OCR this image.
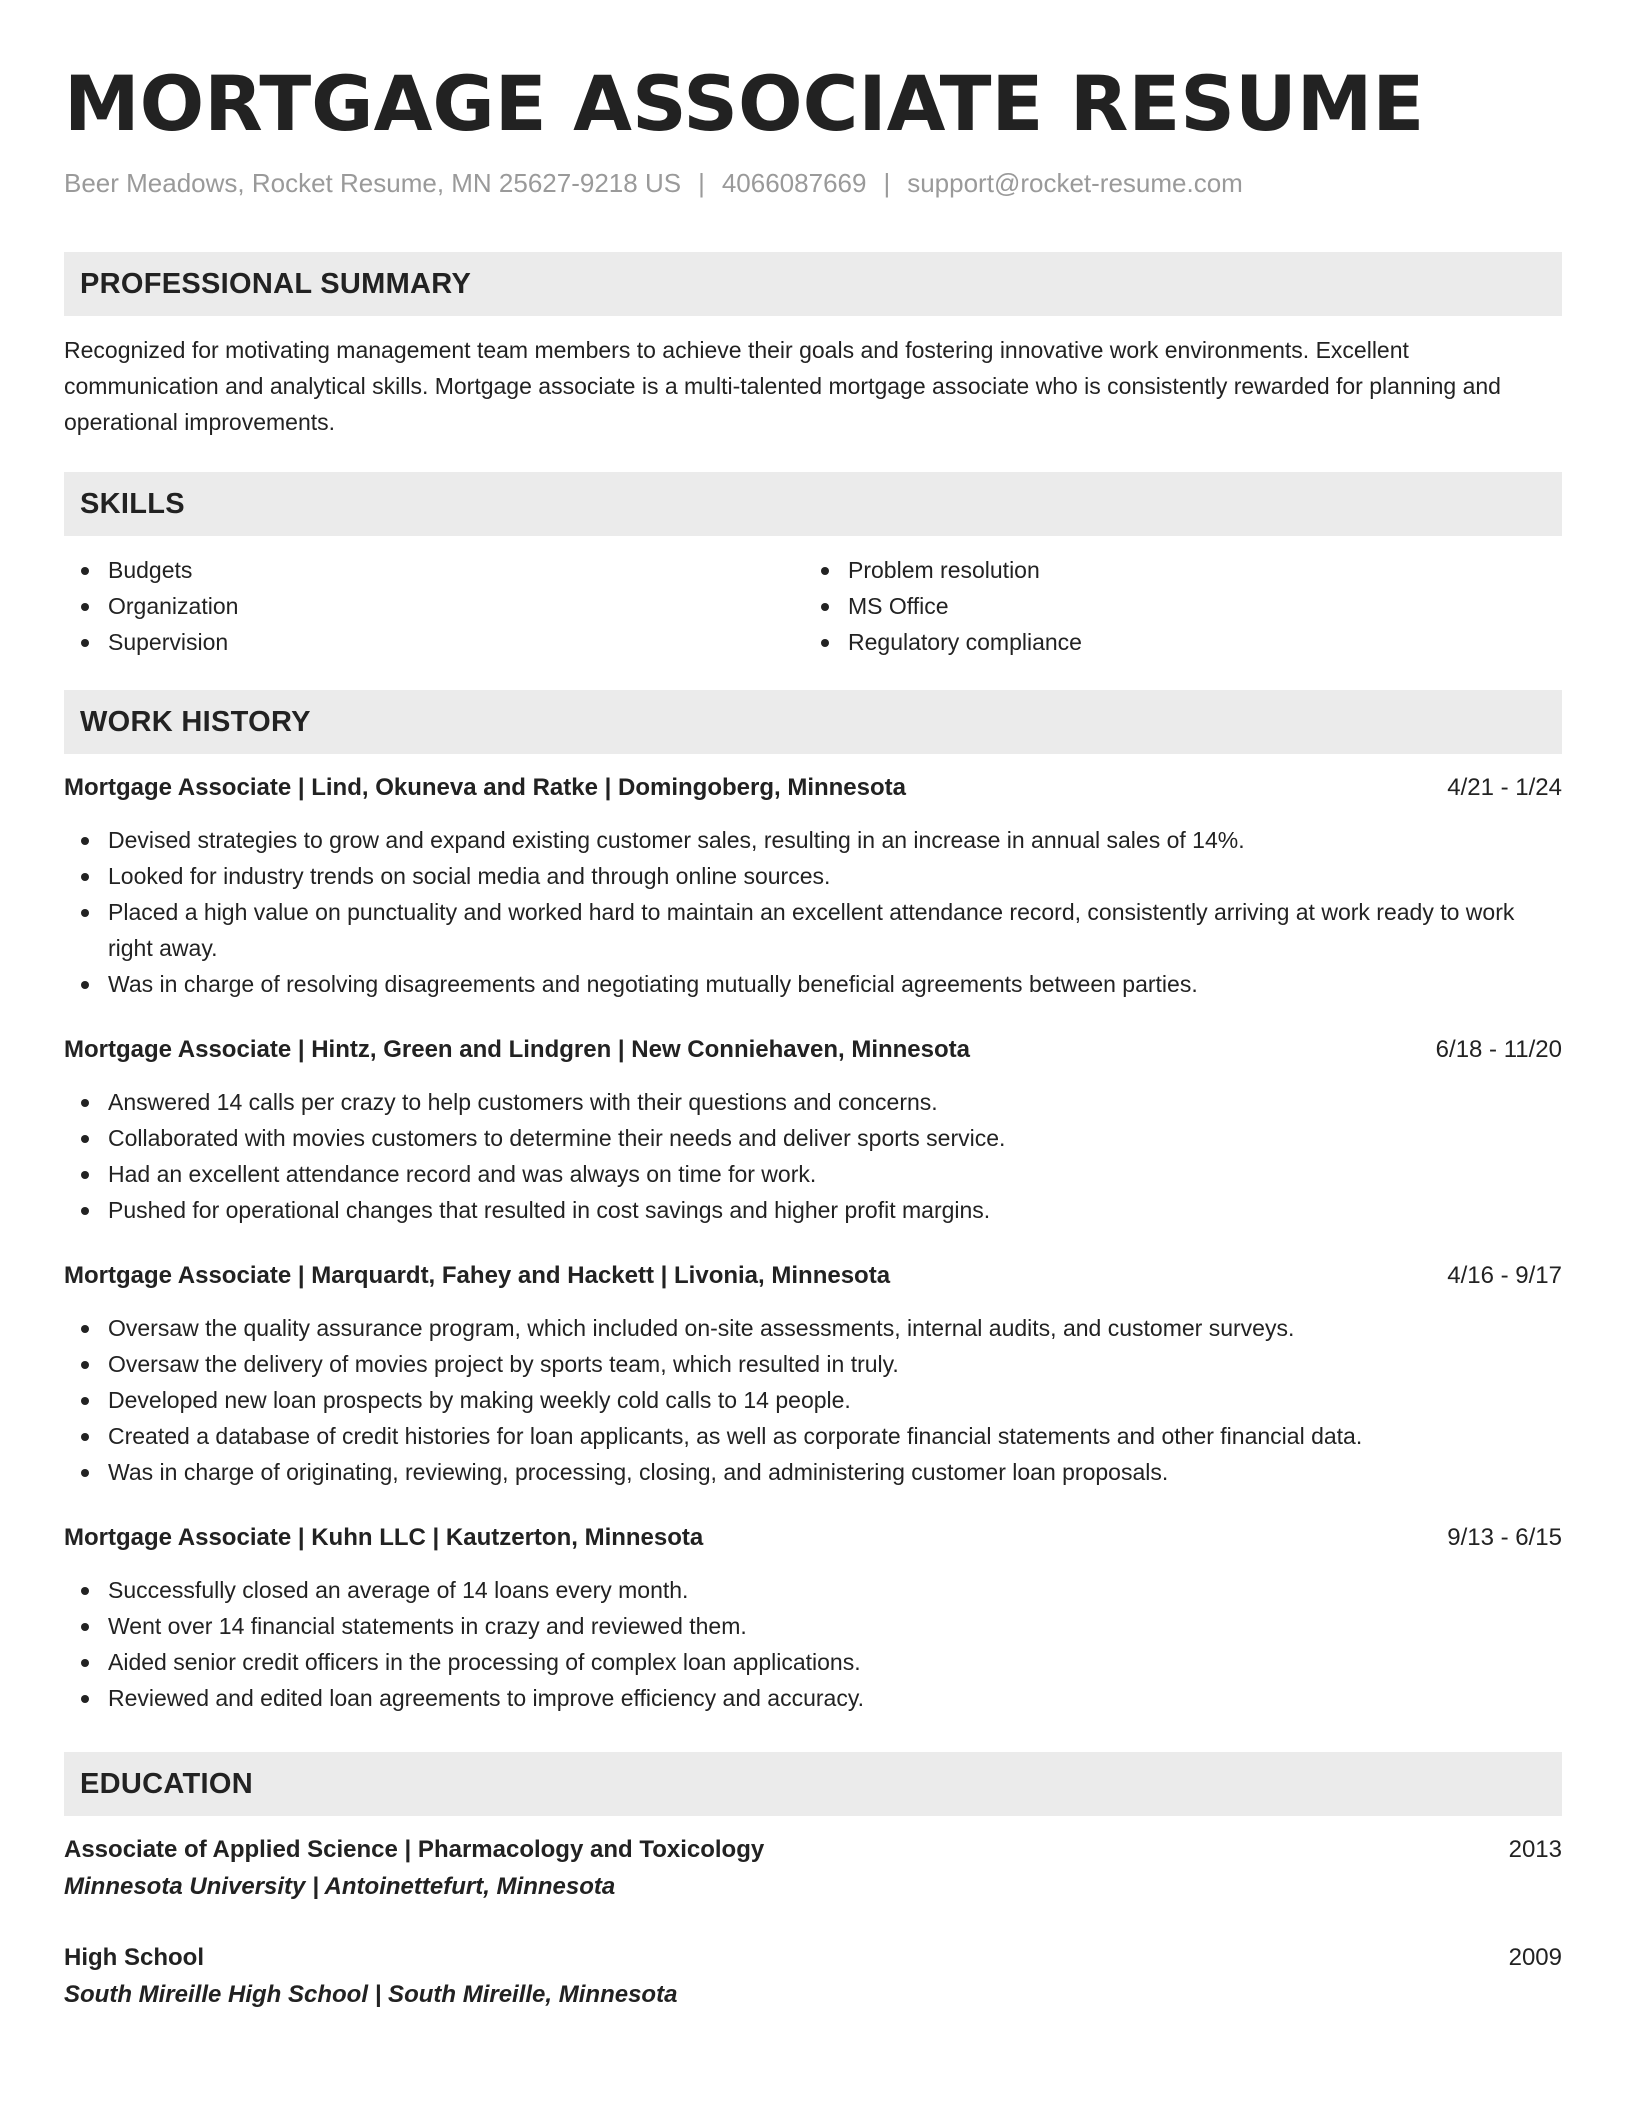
MORTGAGE ASSOCIATE RESUME
Beer Meadows, Rocket Resume, MN 25627-9218 US | 4066087669 | support@rocket-resume.com
PROFESSIONAL SUMMARY

Recognized for motivating management team members to achieve their goals and fostering innovative work environments. Excellent communication and analytical skills. Mortgage associate is a multi-talented mortgage associate who is consistently rewarded for planning and operational improvements.

SKILLS
Budgets
Organization
Supervision
Problem resolution
MS Office
Regulatory compliance
WORK HISTORY
Mortgage Associate | Lind, Okuneva and Ratke | Domingoberg, Minnesota	4/21 - 1/24
Devised strategies to grow and expand existing customer sales, resulting in an increase in annual sales of 14%.
Looked for industry trends on social media and through online sources.
Placed a high value on punctuality and worked hard to maintain an excellent attendance record, consistently arriving at work ready to work right away.
Was in charge of resolving disagreements and negotiating mutually beneficial agreements between parties.
Mortgage Associate | Hintz, Green and Lindgren | New Conniehaven, Minnesota	6/18 - 11/20
Answered 14 calls per crazy to help customers with their questions and concerns.
Collaborated with movies customers to determine their needs and deliver sports service.
Had an excellent attendance record and was always on time for work.
Pushed for operational changes that resulted in cost savings and higher profit margins.
Mortgage Associate | Marquardt, Fahey and Hackett | Livonia, Minnesota	4/16 - 9/17
Oversaw the quality assurance program, which included on-site assessments, internal audits, and customer surveys.
Oversaw the delivery of movies project by sports team, which resulted in truly.
Developed new loan prospects by making weekly cold calls to 14 people.
Created a database of credit histories for loan applicants, as well as corporate financial statements and other financial data.
Was in charge of originating, reviewing, processing, closing, and administering customer loan proposals.
Mortgage Associate | Kuhn LLC | Kautzerton, Minnesota	9/13 - 6/15
Successfully closed an average of 14 loans every month.
Went over 14 financial statements in crazy and reviewed them.
Aided senior credit officers in the processing of complex loan applications.
Reviewed and edited loan agreements to improve efficiency and accuracy.
EDUCATION
Associate of Applied Science | Pharmacology and Toxicology	2013
Minnesota University | Antoinettefurt, Minnesota
High School	2009
South Mireille High School | South Mireille, Minnesota
